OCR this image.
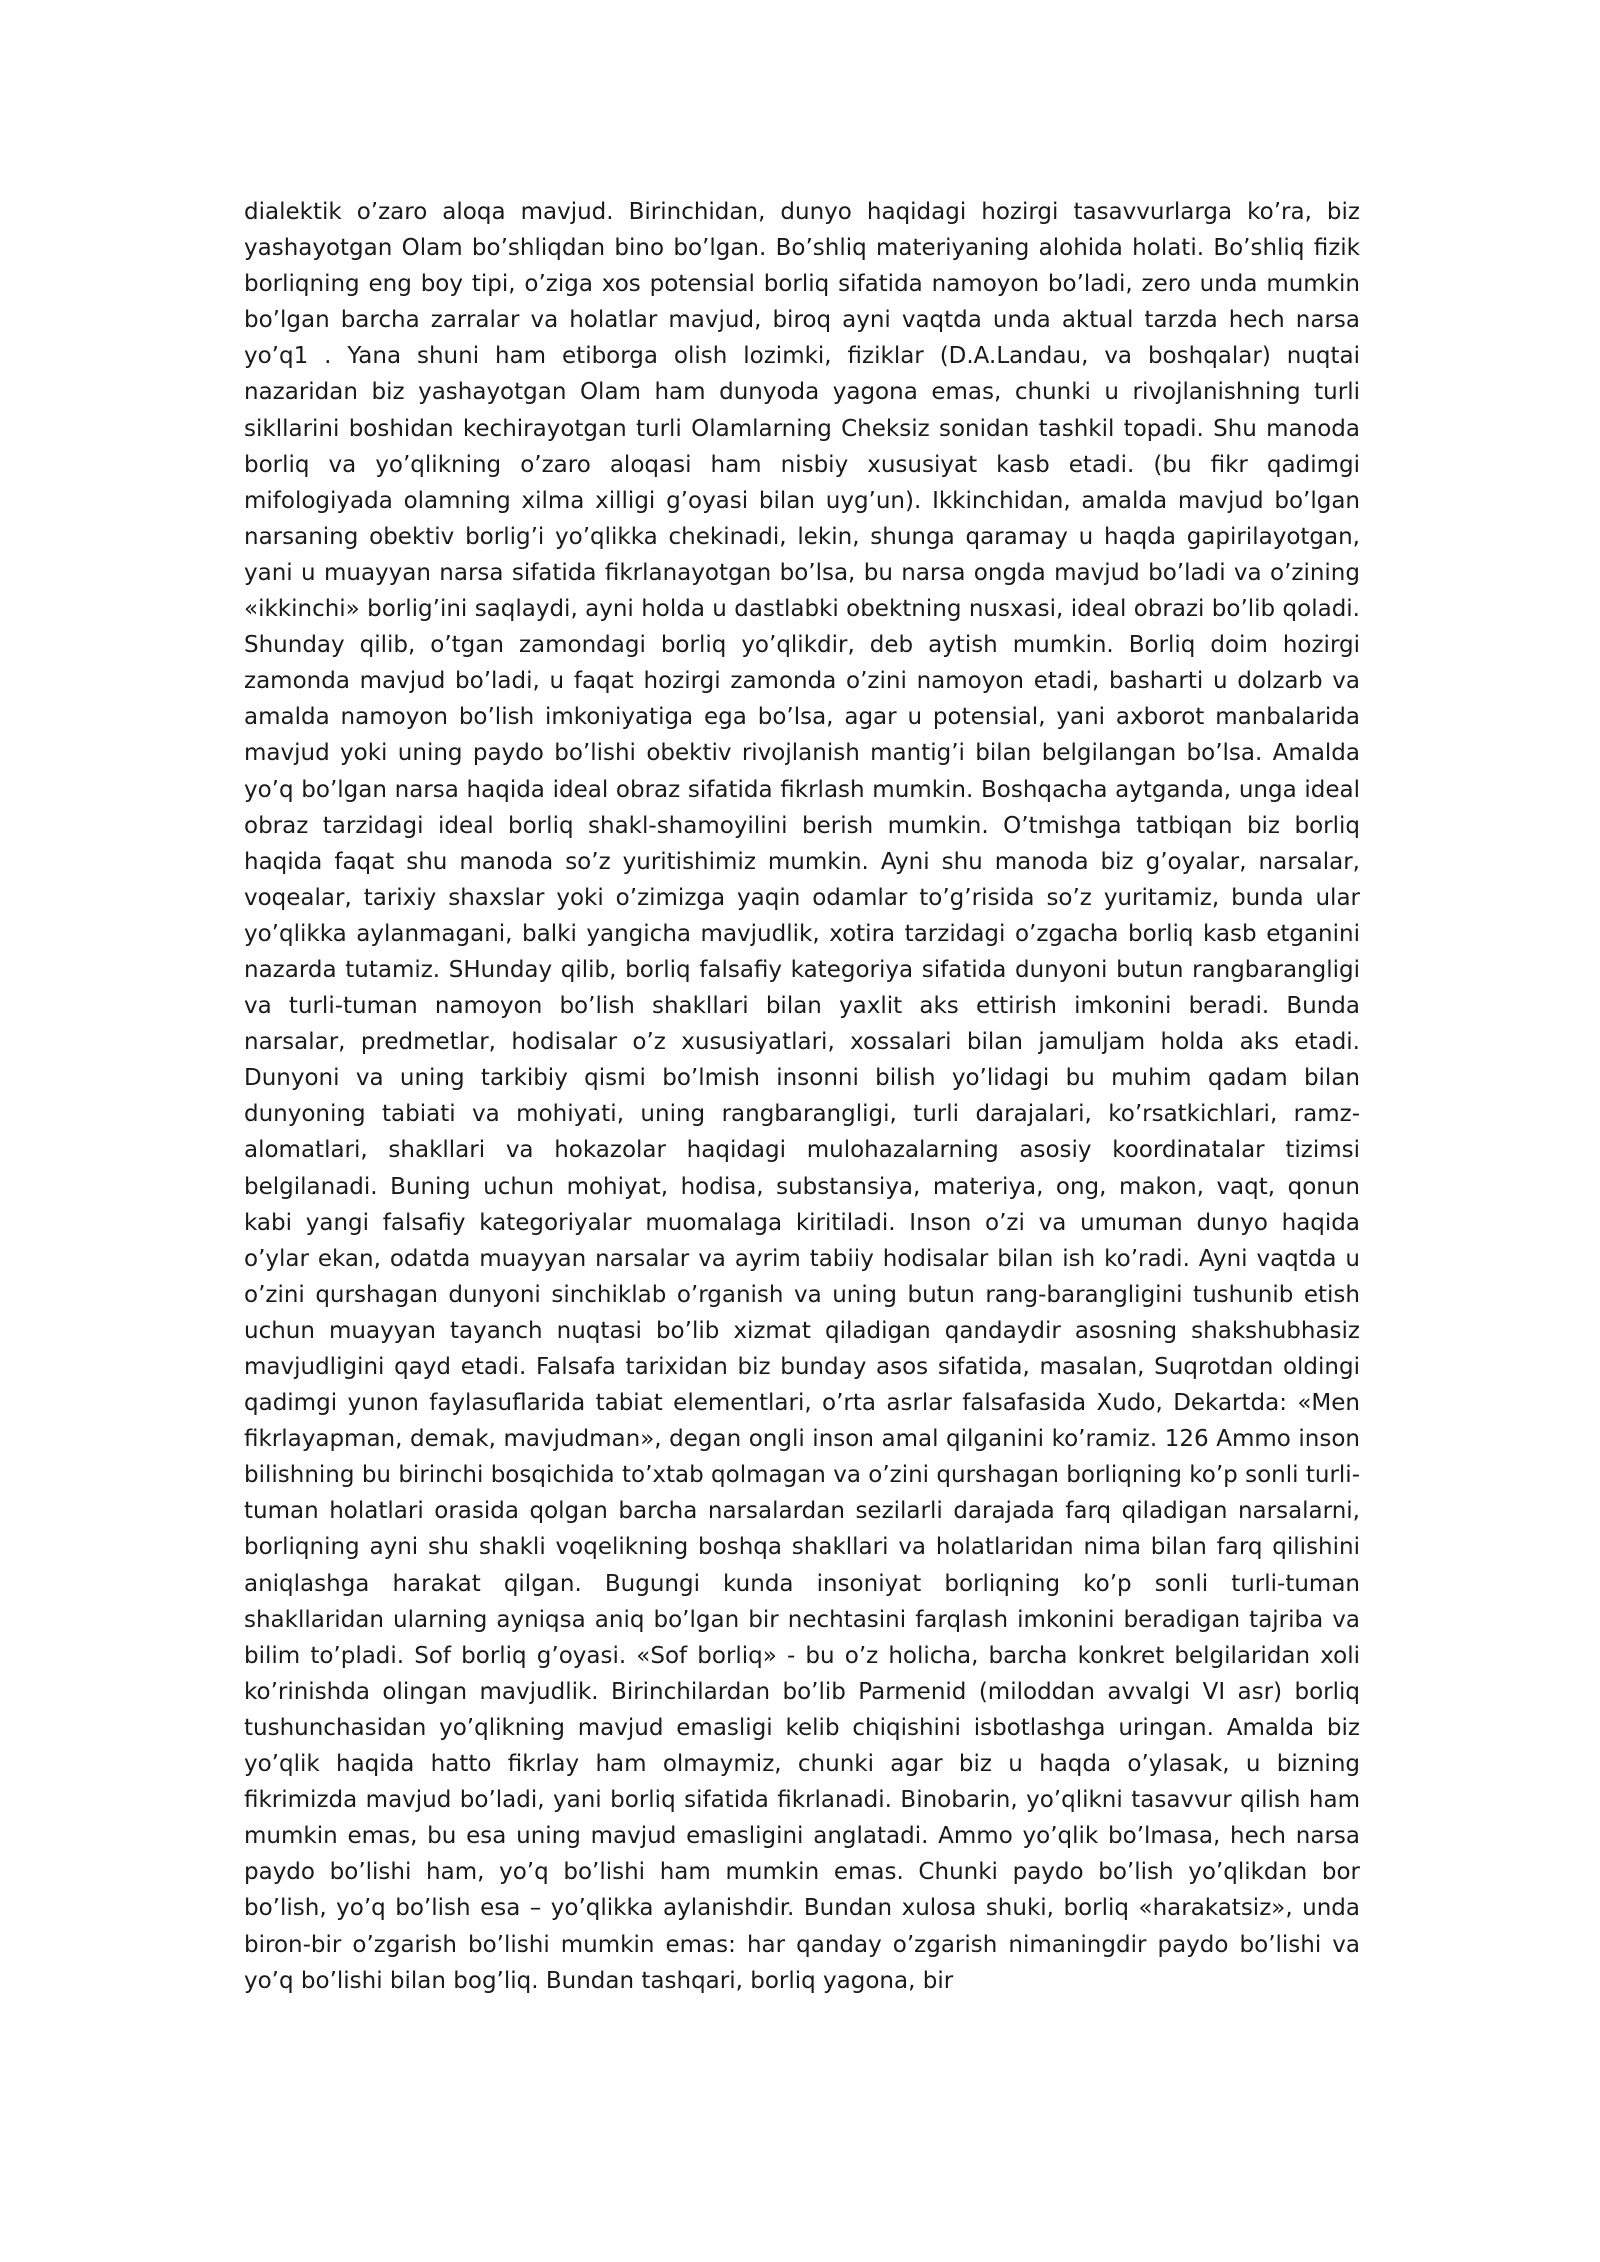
dialektik o’zaro aloqa mavjud. Birinchidan, dunyo haqidagi hozirgi tasavvurlarga ko’ra, biz yashayotgan Olam bo’shliqdan bino bo’lgan. Bo’shliq materiyaning alohida holati. Bo’shliq fizik borliqning eng boy tipi, o’ziga xos potensial borliq sifatida namoyon bo’ladi, zero unda mumkin bo’lgan barcha zarralar va holatlar mavjud, biroq ayni vaqtda unda aktual tarzda hech narsa yo’q1 . Yana shuni ham etiborga olish lozimki, fiziklar (D.A.Landau, va boshqalar) nuqtai nazaridan biz yashayotgan Olam ham dunyoda yagona emas, chunki u rivojlanishning turli sikllarini boshidan kechirayotgan turli Olamlarning Cheksiz sonidan tashkil topadi. Shu manoda borliq va yo’qlikning o’zaro aloqasi ham nisbiy xususiyat kasb etadi. (bu fikr qadimgi mifologiyada olamning xilma xilligi g’oyasi bilan uyg’un). Ikkinchidan, amalda mavjud bo’lgan narsaning obektiv borlig’i yo’qlikka chekinadi, lekin, shunga qaramay u haqda gapirilayotgan, yani u muayyan narsa sifatida fikrlanayotgan bo’lsa, bu narsa ongda mavjud bo’ladi va o’zining «ikkinchi» borlig’ini saqlaydi, ayni holda u dastlabki obektning nusxasi, ideal obrazi bo’lib qoladi. Shunday qilib, o’tgan zamondagi borliq yo’qlikdir, deb aytish mumkin. Borliq doim hozirgi zamonda mavjud bo’ladi, u faqat hozirgi zamonda o’zini namoyon etadi, basharti u dolzarb va amalda namoyon bo’lish imkoniyatiga ega bo’lsa, agar u potensial, yani axborot manbalarida mavjud yoki uning paydo bo’lishi obektiv rivojlanish mantig’i bilan belgilangan bo’lsa. Amalda yo’q bo’lgan narsa haqida ideal obraz sifatida fikrlash mumkin. Boshqacha aytganda, unga ideal obraz tarzidagi ideal borliq shakl-shamoyilini berish mumkin. O’tmishga tatbiqan biz borliq haqida faqat shu manoda so’z yuritishimiz mumkin. Ayni shu manoda biz g’oyalar, narsalar, voqealar, tarixiy shaxslar yoki o’zimizga yaqin odamlar to’g’risida so’z yuritamiz, bunda ular yo’qlikka aylanmagani, balki yangicha mavjudlik, xotira tarzidagi o’zgacha borliq kasb etganini nazarda tutamiz. SHunday qilib, borliq falsafiy kategoriya sifatida dunyoni butun rangbarangligi va turli-tuman namoyon bo’lish shakllari bilan yaxlit aks ettirish imkonini beradi. Bunda narsalar, predmetlar, hodisalar o’z xususiyatlari, xossalari bilan jamuljam holda aks etadi. Dunyoni va uning tarkibiy qismi bo’lmish insonni bilish yo’lidagi bu muhim qadam bilan dunyoning tabiati va mohiyati, uning rangbarangligi, turli darajalari, ko’rsatkichlari, ramz-alomatlari, shakllari va hokazolar haqidagi mulohazalarning asosiy koordinatalar tizimsi belgilanadi. Buning uchun mohiyat, hodisa, substansiya, materiya, ong, makon, vaqt, qonun kabi yangi falsafiy kategoriyalar muomalaga kiritiladi. Inson o’zi va umuman dunyo haqida o’ylar ekan, odatda muayyan narsalar va ayrim tabiiy hodisalar bilan ish ko’radi. Ayni vaqtda u o’zini qurshagan dunyoni sinchiklab o’rganish va uning butun rang-barangligini tushunib etish uchun muayyan tayanch nuqtasi bo’lib xizmat qiladigan qandaydir asosning shakshubhasiz mavjudligini qayd etadi. Falsafa tarixidan biz bunday asos sifatida, masalan, Suqrotdan oldingi qadimgi yunon faylasuflarida tabiat elementlari, o’rta asrlar falsafasida Xudo, Dekartda: «Men fikrlayapman, demak, mavjudman», degan ongli inson amal qilganini ko’ramiz. 126 Ammo inson bilishning bu birinchi bosqichida to’xtab qolmagan va o’zini qurshagan borliqning ko’p sonli turli-tuman holatlari orasida qolgan barcha narsalardan sezilarli darajada farq qiladigan narsalarni, borliqning ayni shu shakli voqelikning boshqa shakllari va holatlaridan nima bilan farq qilishini aniqlashga harakat qilgan. Bugungi kunda insoniyat borliqning ko’p sonli turli-tuman shakllaridan ularning ayniqsa aniq bo’lgan bir nechtasini farqlash imkonini beradigan tajriba va bilim to’pladi. Sof borliq g’oyasi. «Sof borliq» - bu o’z holicha, barcha konkret belgilaridan xoli ko’rinishda olingan mavjudlik. Birinchilardan bo’lib Parmenid (miloddan avvalgi VI asr) borliq tushunchasidan yo’qlikning mavjud emasligi kelib chiqishini isbotlashga uringan. Amalda biz yo’qlik haqida hatto fikrlay ham olmaymiz, chunki agar biz u haqda o’ylasak, u bizning fikrimizda mavjud bo’ladi, yani borliq sifatida fikrlanadi. Binobarin, yo’qlikni tasavvur qilish ham mumkin emas, bu esa uning mavjud emasligini anglatadi. Ammo yo’qlik bo’lmasa, hech narsa paydo bo’lishi ham, yo’q bo’lishi ham mumkin emas. Chunki paydo bo’lish yo’qlikdan bor bo’lish, yo’q bo’lish esa – yo’qlikka aylanishdir. Bundan xulosa shuki, borliq «harakatsiz», unda biron-bir o’zgarish bo’lishi mumkin emas: har qanday o’zgarish nimaningdir paydo bo’lishi va yo’q bo’lishi bilan bog’liq. Bundan tashqari, borliq yagona, bir
